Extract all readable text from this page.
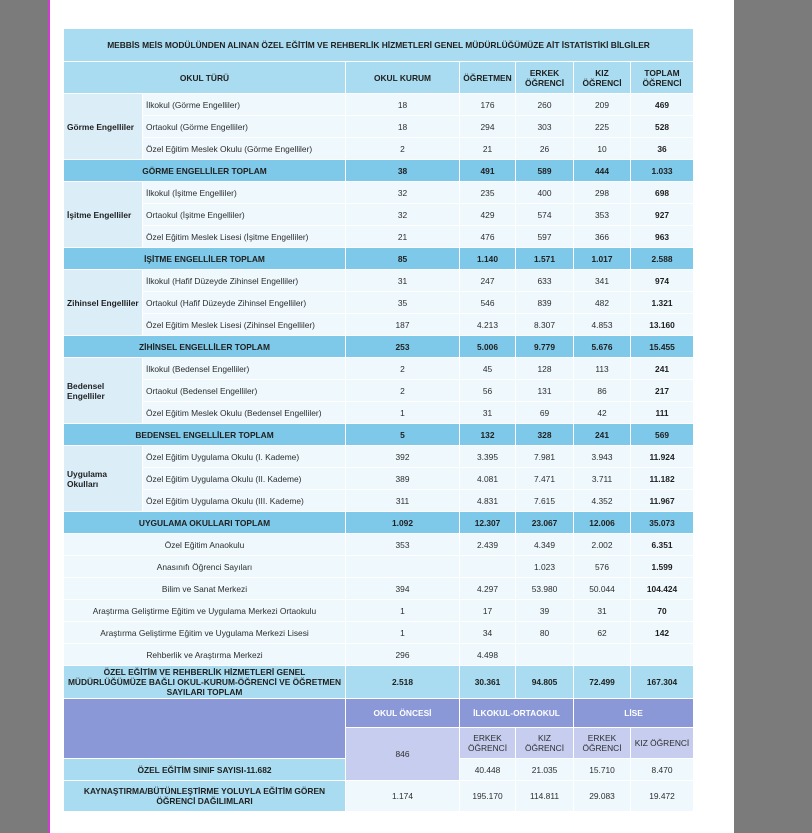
MEBBİS MEİS MODÜLÜNDEN ALINAN ÖZEL EĞİTİM VE REHBERLİK HİZMETLERİ GENEL MÜDÜRLÜĞÜMÜZE AİT İSTATİSTİKİ BİLGİLER							
OKUL TÜRÜ		OKUL KURUM	ÖĞRETMEN	ERKEK ÖĞRENCİ	KIZ ÖĞRENCİ	TOPLAM ÖĞRENCİ	
Görme Engelliler	İlkokul (Görme Engelliler)	18	176	260	209	469	
	Ortaokul (Görme Engelliler)	18	294	303	225	528	
	Özel Eğitim Meslek Okulu (Görme Engelliler)	2	21	26	10	36	
GÖRME ENGELLİLER TOPLAM		38	491	589	444	1.033	
İşitme Engelliler	İlkokul (İşitme Engelliler)	32	235	400	298	698	
	Ortaokul (İşitme Engelliler)	32	429	574	353	927	
	Özel Eğitim Meslek Lisesi (İşitme Engelliler)	21	476	597	366	963	
İŞİTME ENGELLİLER TOPLAM		85	1.140	1.571	1.017	2.588	
Zihinsel Engelliler	İlkokul (Hafif Düzeyde Zihinsel Engelliler)	31	247	633	341	974	
	Ortaokul (Hafif Düzeyde Zihinsel Engelliler)	35	546	839	482	1.321	
	Özel Eğitim Meslek Lisesi (Zihinsel Engelliler)	187	4.213	8.307	4.853	13.160	
ZİHİNSEL ENGELLİLER TOPLAM		253	5.006	9.779	5.676	15.455	
Bedensel Engelliler	İlkokul (Bedensel Engelliler)	2	45	128	113	241	
	Ortaokul (Bedensel Engelliler)	2	56	131	86	217	
	Özel Eğitim Meslek Okulu (Bedensel Engelliler)	1	31	69	42	111	
BEDENSEL ENGELLİLER TOPLAM		5	132	328	241	569	
Uygulama Okulları	Özel Eğitim Uygulama Okulu (I. Kademe)	392	3.395	7.981	3.943	11.924	
	Özel Eğitim Uygulama Okulu (II. Kademe)	389	4.081	7.471	3.711	11.182	
	Özel Eğitim Uygulama Okulu (III. Kademe)	311	4.831	7.615	4.352	11.967	
UYGULAMA OKULLARI TOPLAM		1.092	12.307	23.067	12.006	35.073	
Özel Eğitim Anaokulu		353	2.439	4.349	2.002	6.351	
Anasınıfı Öğrenci Sayıları				1.023	576	1.599	
Bilim ve Sanat Merkezi		394	4.297	53.980	50.044	104.424	
Araştırma Geliştirme Eğitim ve Uygulama Merkezi Ortaokulu		1	17	39	31	70	
Araştırma Geliştirme Eğitim ve Uygulama Merkezi Lisesi		1	34	80	62	142	
Rehberlik ve Araştırma Merkezi		296	4.498				
ÖZEL EĞİTİM VE REHBERLİK HİZMETLERİ GENEL MÜDÜRLÜĞÜMÜZE BAĞLI OKUL-KURUM-ÖĞRENCİ VE ÖĞRETMEN SAYILARI TOPLAM		2.518	30.361	94.805	72.499	167.304	
		OKUL ÖNCESİ	İLKOKUL-ORTAOKUL		LİSE	
		846	ERKEK ÖĞRENCİ	KIZ ÖĞRENCİ	ERKEK ÖĞRENCİ	KIZ ÖĞRENCİ	
ÖZEL EĞİTİM SINIF SAYISI-11.682			40.448	21.035	15.710	8.470	
KAYNAŞTIRMA/BÜTÜNLEŞTİRME YOLUYLA EĞİTİM GÖREN ÖĞRENCİ DAĞILIMLARI		1.174	195.170	114.811	29.083	19.472	
